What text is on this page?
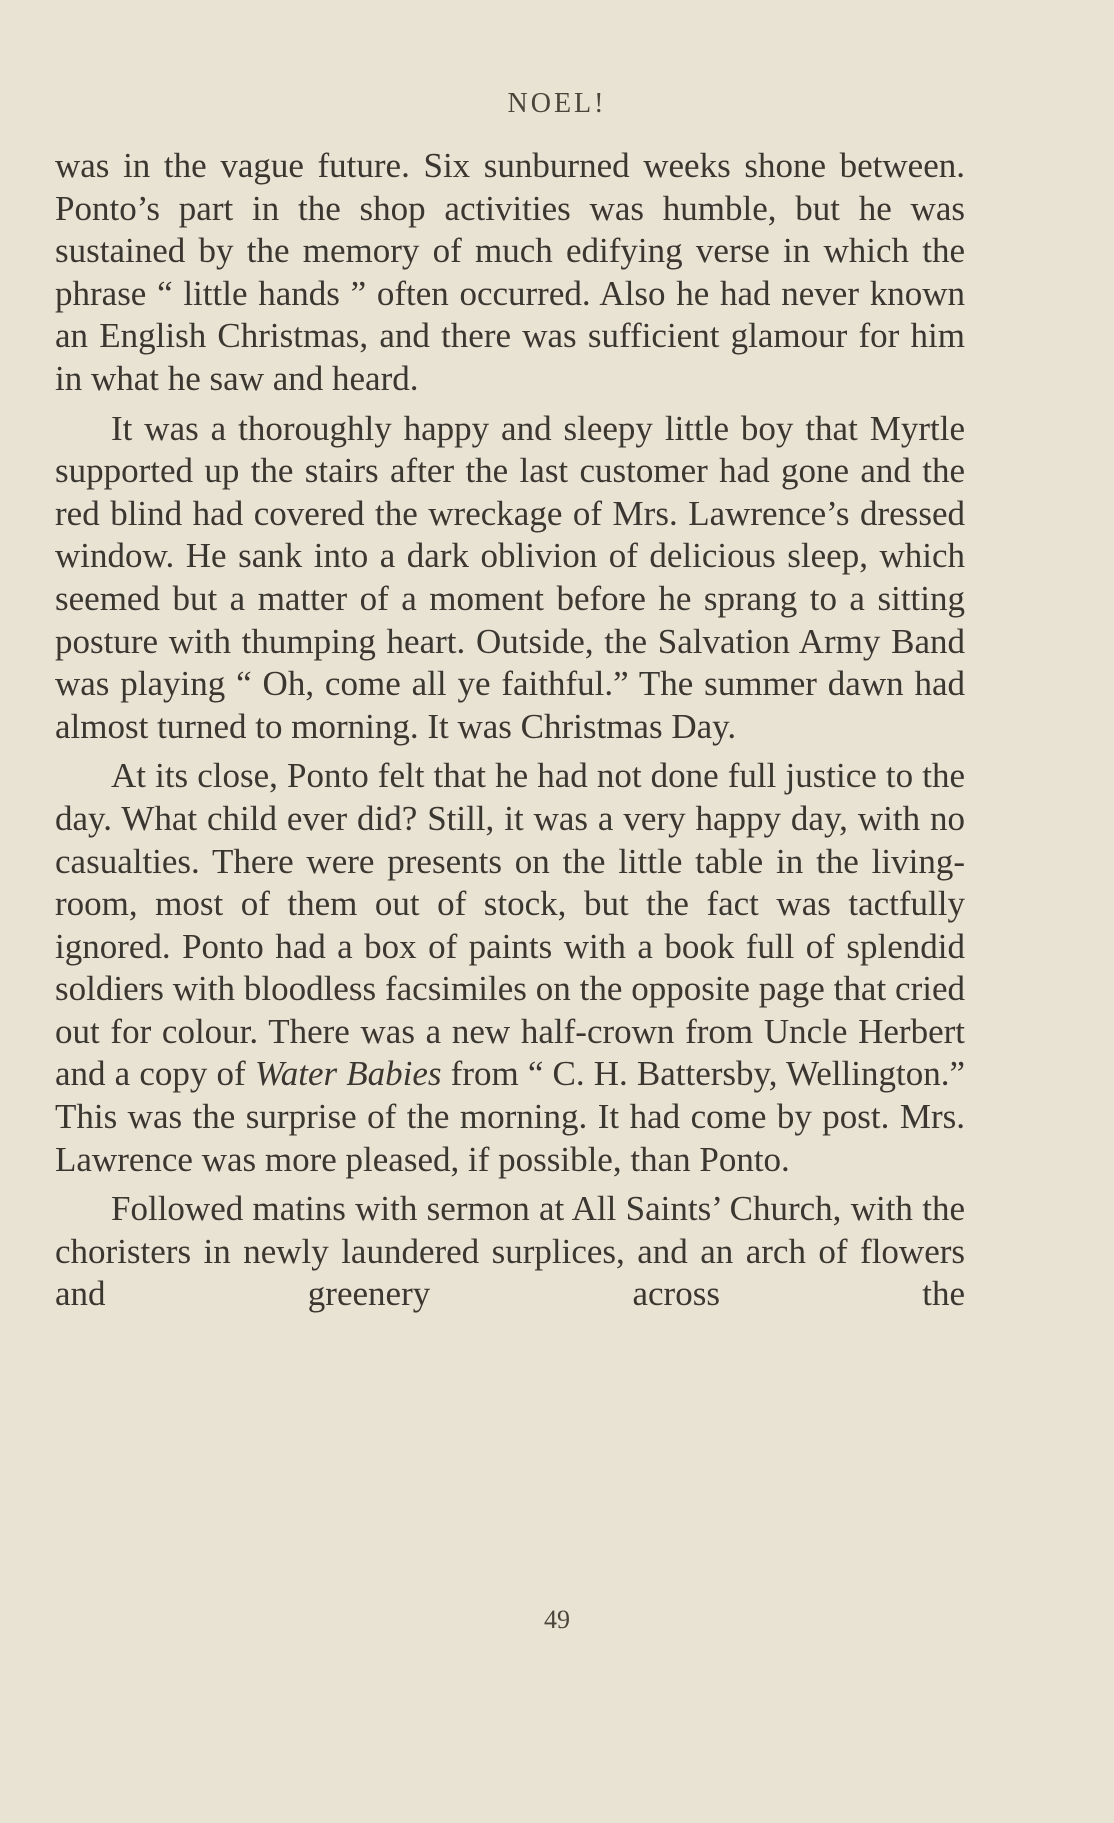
NOEL!

was in the vague future. Six sunburned weeks shone between. Ponto’s part in the shop activities was humble, but he was sustained by the memory of much edifying verse in which the phrase “ little hands ” often occurred. Also he had never known an English Christmas, and there was sufficient glamour for him in what he saw and heard.

It was a thoroughly happy and sleepy little boy that Myrtle supported up the stairs after the last customer had gone and the red blind had covered the wreckage of Mrs. Lawrence’s dressed window. He sank into a dark oblivion of delicious sleep, which seemed but a matter of a moment before he sprang to a sitting posture with thumping heart. Outside, the Salvation Army Band was playing “ Oh, come all ye faithful.” The summer dawn had almost turned to morning. It was Christmas Day.

At its close, Ponto felt that he had not done full justice to the day. What child ever did? Still, it was a very happy day, with no casualties. There were presents on the little table in the living-room, most of them out of stock, but the fact was tactfully ignored. Ponto had a box of paints with a book full of splendid soldiers with bloodless facsimiles on the opposite page that cried out for colour. There was a new half-crown from Uncle Herbert and a copy of Water Babies from “ C. H. Battersby, Wellington.” This was the surprise of the morning. It had come by post. Mrs. Lawrence was more pleased, if possible, than Ponto.

Followed matins with sermon at All Saints’ Church, with the choristers in newly laundered surplices, and an arch of flowers and greenery across the

49
